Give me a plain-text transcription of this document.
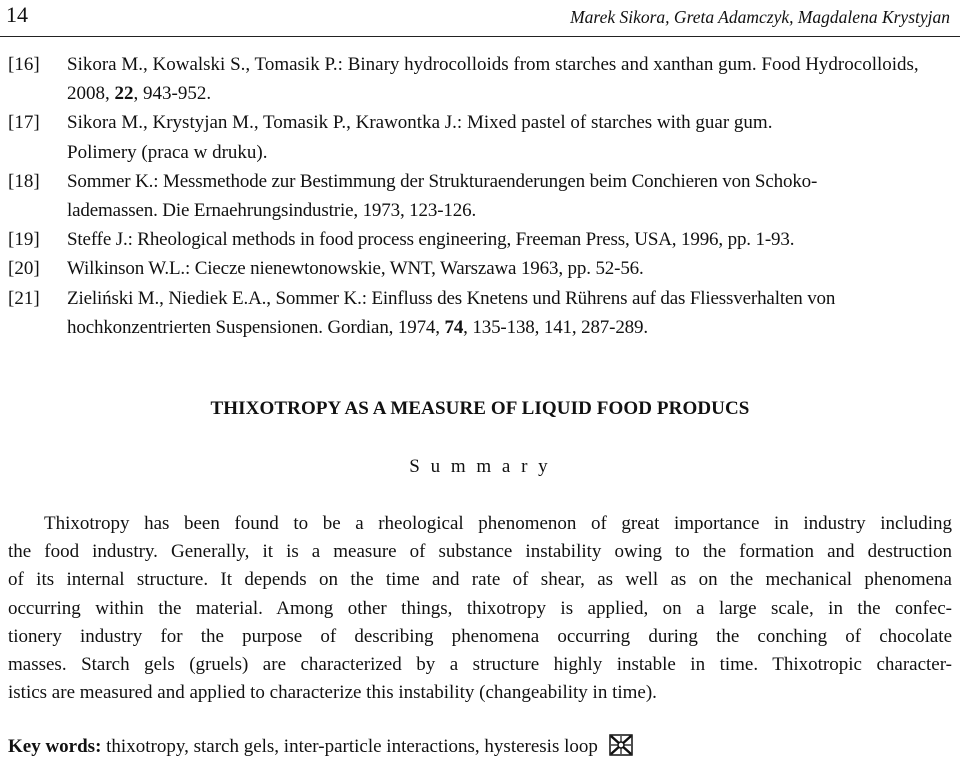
14	Marek Sikora, Greta Adamczyk, Magdalena Krystyjan
[16]	Sikora M., Kowalski S., Tomasik P.: Binary hydrocolloids from starches and xanthan gum. Food Hydrocolloids, 2008, 22, 943-952.
[17]	Sikora M., Krystyjan M., Tomasik P., Krawontka J.: Mixed pastel of starches with guar gum.
Polimery (praca w druku).
[18]	Sommer K.: Messmethode zur Bestimmung der Strukturaenderungen beim Conchieren von Schoko-
lademassen. Die Ernaehrungsindustrie, 1973, 123-126.
[19]	Steffe J.: Rheological methods in food process engineering, Freeman Press, USA, 1996, pp. 1-93.
[20]	Wilkinson W.L.: Ciecze nienewtonowskie, WNT, Warszawa 1963, pp. 52-56.
[21]	Zieliński M., Niediek E.A., Sommer K.: Einfluss des Knetens und Rührens auf das Fliessverhalten von hochkonzentrierten Suspensionen. Gordian, 1974, 74, 135-138, 141, 287-289.
THIXOTROPY AS A MEASURE OF LIQUID FOOD PRODUCS
S u m m a r y
Thixotropy has been found to be a rheological phenomenon of great importance in industry including
the food industry. Generally, it is a measure of substance instability owing to the formation and destruction
of its internal structure. It depends on the time and rate of shear, as well as on the mechanical phenomena
occurring within the material. Among other things, thixotropy is applied, on a large scale, in the confec-
tionery industry for the purpose of describing phenomena occurring during the conching of chocolate
masses. Starch gels (gruels) are characterized by a structure highly instable in time. Thixotropic character-
istics are measured and applied to characterize this instability (changeability in time).
Key words: thixotropy, starch gels, inter-particle interactions, hysteresis loop
